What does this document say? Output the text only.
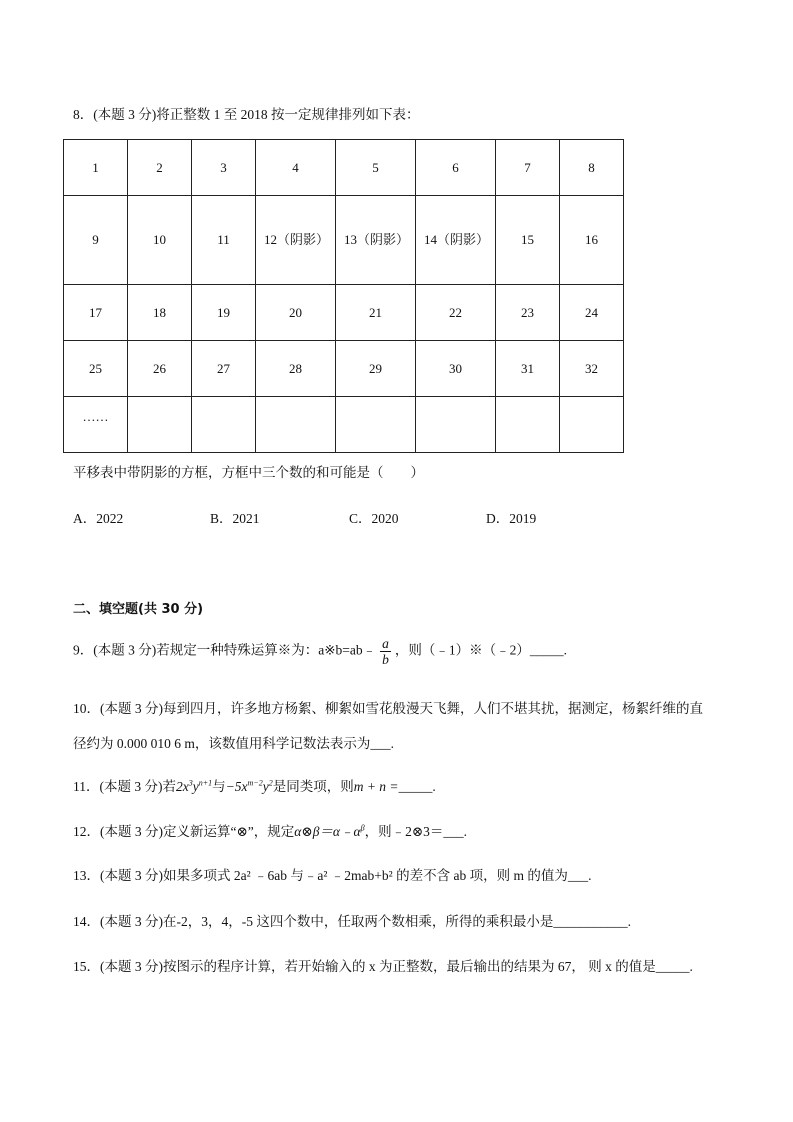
8．(本题 3 分)将正整数 1 至 2018 按一定规律排列如下表：
1	2	3	4	5	6	7	8
9	10	11	12（阴影）	13（阴影）	14（阴影）	15	16
17	18	19	20	21	22	23	24
25	26	27	28	29	30	31	32
……							
平移表中带阴影的方框，方框中三个数的和可能是（　　）
A．2022	B．2021	C．2020	D．2019
二、填空题(共 30 分)
9．(本题 3 分)若规定一种特殊运算※为：a※b=ab﹣ $\frac{a}{b}$ ，则（﹣1）※（﹣2）_____.
10．(本题 3 分)每到四月，许多地方杨絮、柳絮如雪花般漫天飞舞，人们不堪其扰，据测定，杨絮纤维的直
径约为 0.000 010 6 m，该数值用科学记数法表示为___.
11．(本题 3 分)若$2x^3y^{n+1}$与$-5x^{m-2}y^2$是同类项，则m + n =_____.
12．(本题 3 分)定义新运算“⊗”，规定$\alpha\otimes\beta=\alpha﹣\alpha^\beta$，则﹣2⊗3＝___.
13．(本题 3 分)如果多项式 2a² ﹣6ab 与﹣a² ﹣2mab+b² 的差不含 ab 项，则 m 的值为___.
14．(本题 3 分)在-2，3，4，-5 这四个数中，任取两个数相乘，所得的乘积最小是___________.
15．(本题 3 分)按图示的程序计算，若开始输入的 x 为正整数，最后输出的结果为 67， 则 x 的值是_____.
